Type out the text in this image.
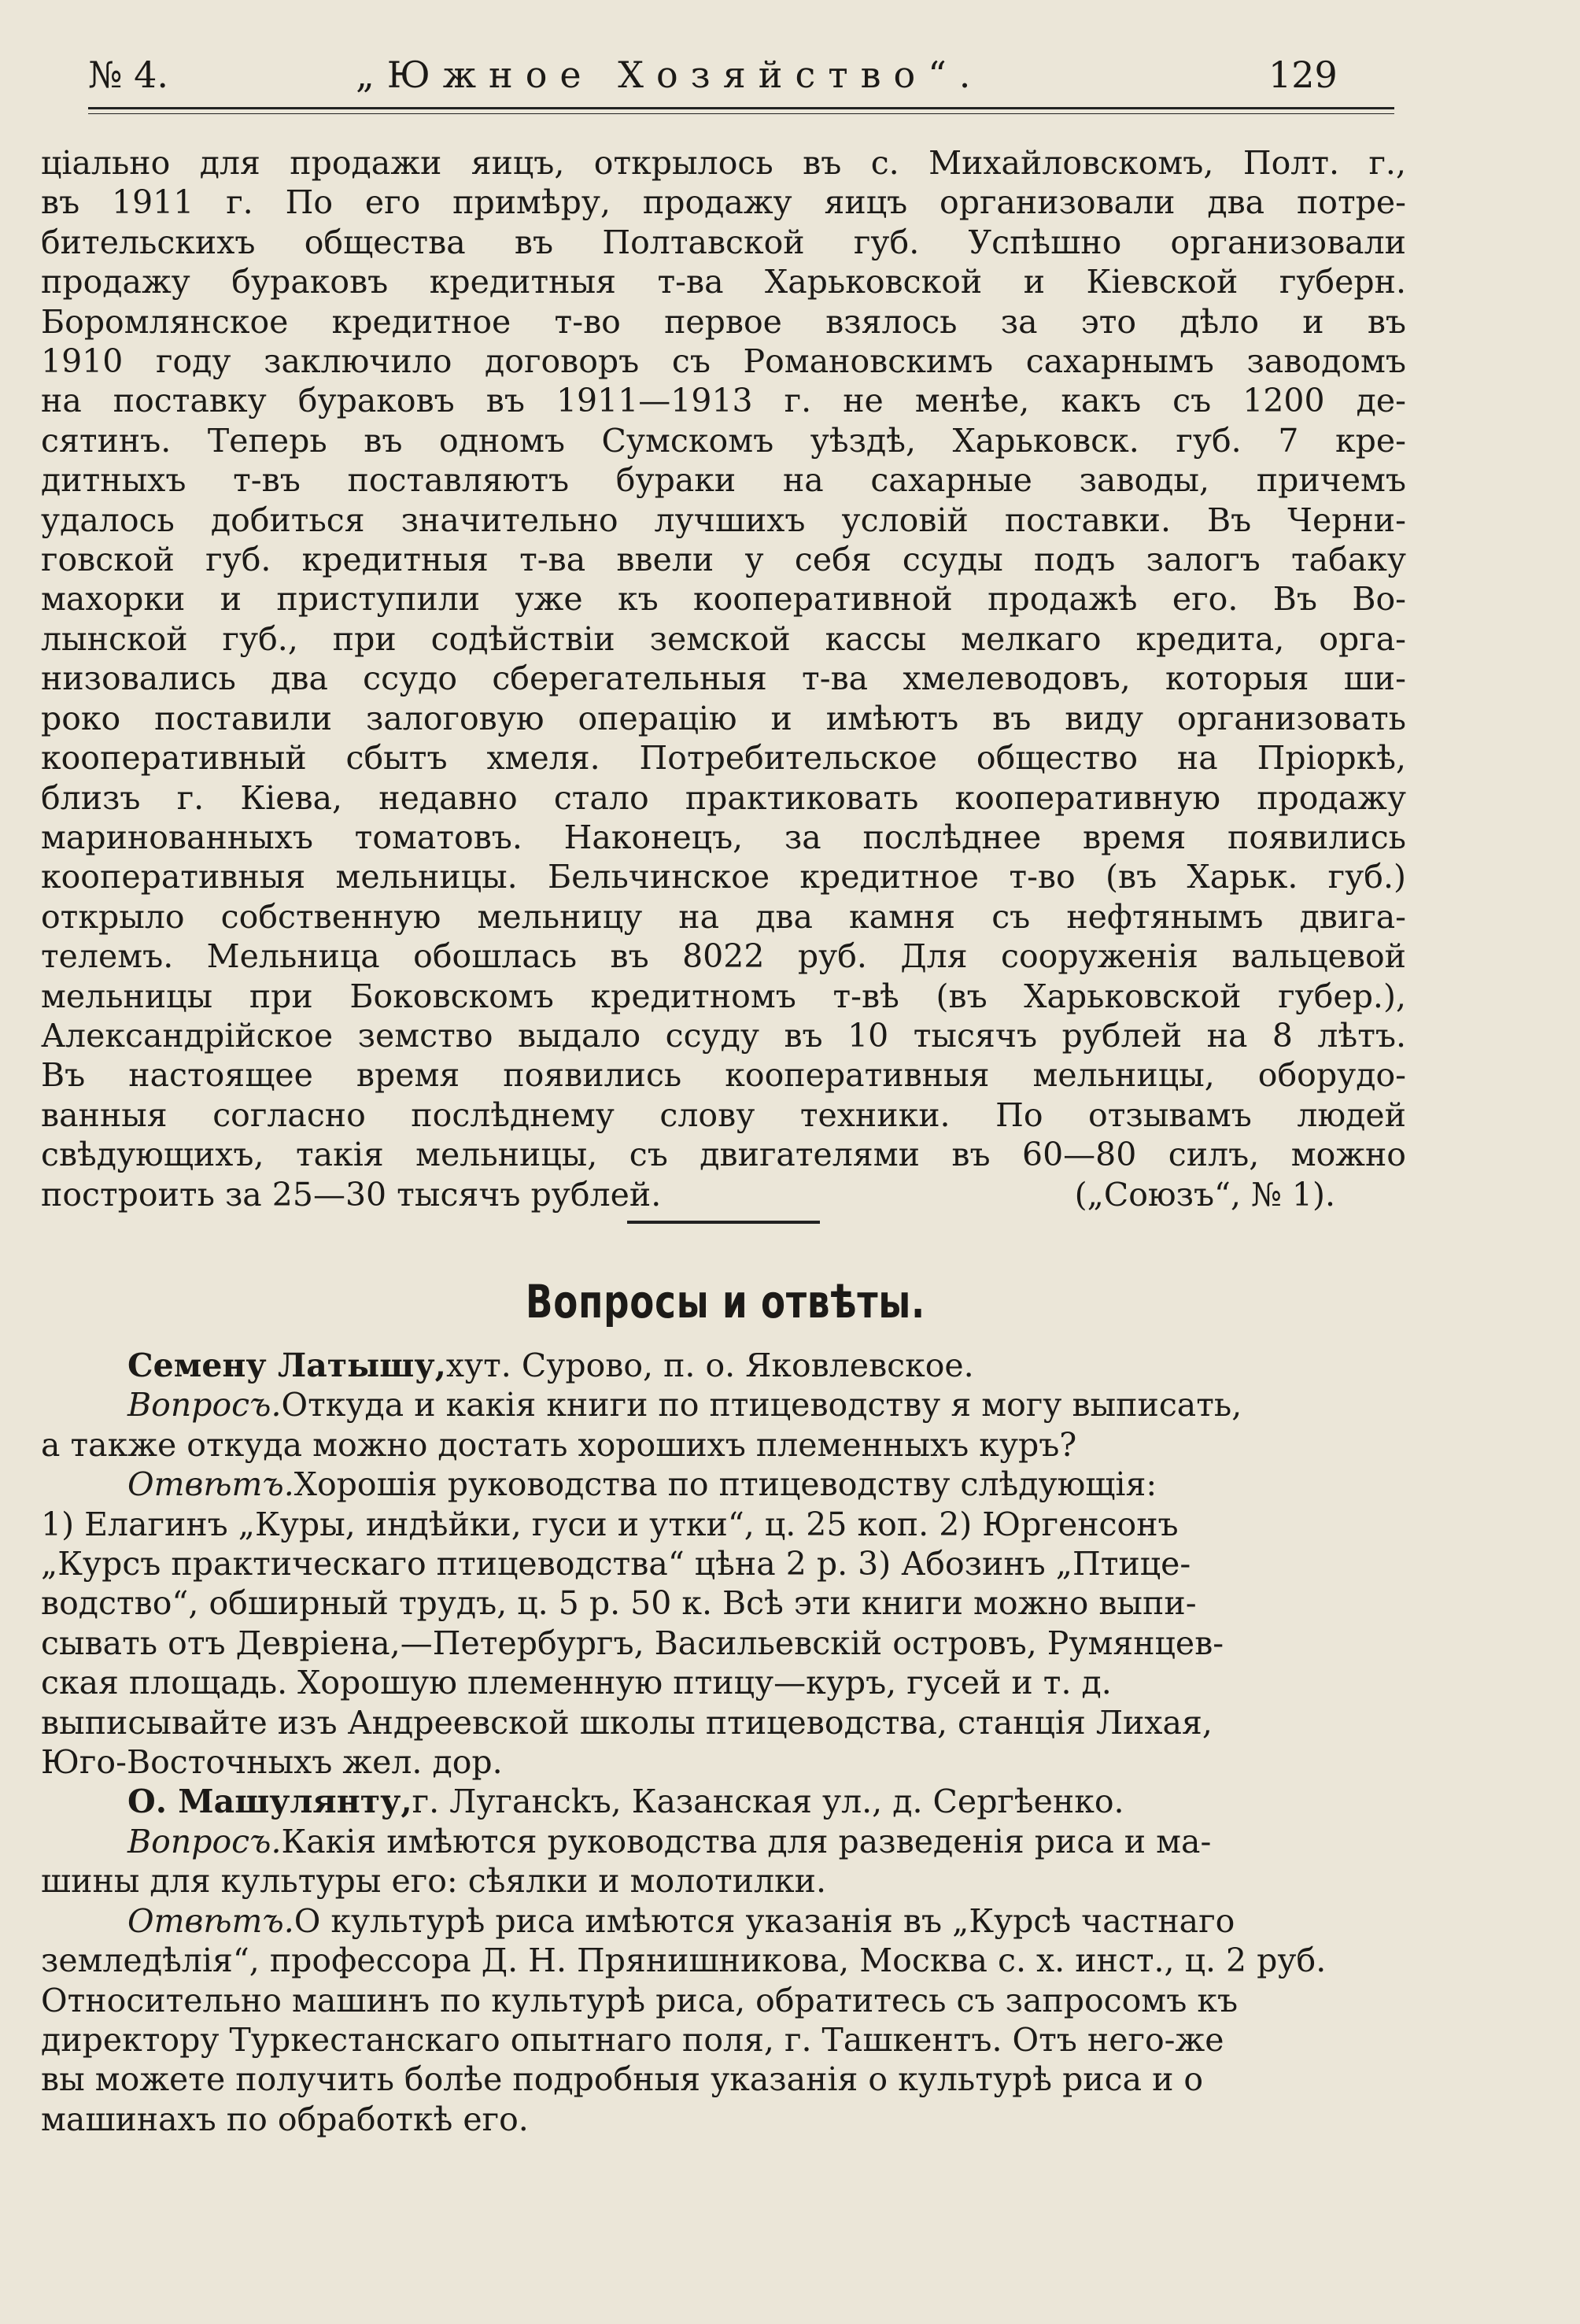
№ 4.	„Южное Хозяйство“.	129
ціально для продажи яицъ, открылось въ с. Михайловскомъ, Полт. г.,
въ 1911 г. По его примѣру, продажу яицъ организовали два потре-
бительскихъ общества въ Полтавской губ. Успѣшно организовали
продажу бураковъ кредитныя т-ва Харьковской и Кіевской губерн.
Боромлянское кредитное т-во первое взялось за это дѣло и въ
1910 году заключило договоръ съ Романовскимъ сахарнымъ заводомъ
на поставку бураковъ въ 1911—1913 г. не менѣе, какъ съ 1200 де-
сятинъ. Теперь въ одномъ Сумскомъ уѣздѣ, Харьковск. губ. 7 кре-
дитныхъ т-въ поставляютъ бураки на сахарные заводы, причемъ
удалось добиться значительно лучшихъ условій поставки. Въ Черни-
говской губ. кредитныя т-ва ввели у себя ссуды подъ залогъ табаку
махорки и приступили уже къ кооперативной продажѣ его. Въ Во-
лынской губ., при содѣйствіи земской кассы мелкаго кредита, орга-
низовались два ссудо сберегательныя т-ва хмелеводовъ, которыя ши-
роко поставили залоговую операцію и имѣютъ въ виду организовать
кооперативный сбытъ хмеля. Потребительское общество на Пріоркѣ,
близъ г. Кіева, недавно стало практиковать кооперативную продажу
маринованныхъ томатовъ. Наконецъ, за послѣднее время появились
кооперативныя мельницы. Бельчинское кредитное т-во (въ Харьк. губ.)
открыло собственную мельницу на два камня съ нефтянымъ двига-
телемъ. Мельница обошлась въ 8022 руб. Для сооруженія вальцевой
мельницы при Боковскомъ кредитномъ т-вѣ (въ Харьковской губер.),
Александрійское земство выдало ссуду въ 10 тысячъ рублей на 8 лѣтъ.
Въ настоящее время появились кооперативныя мельницы, оборудо-
ванныя согласно послѣднему слову техники. По отзывамъ людей
свѣдующихъ, такія мельницы, съ двигателями въ 60—80 силъ, можно
построить за 25—30 тысячъ рублей.	(„Союзъ“, № 1).
Вопросы и отвѣты.
Семену Латышу, хут. Сурово, п. о. Яковлевское.
Вопросъ. Откуда и какія книги по птицеводству я могу выписать,
а также откуда можно достать хорошихъ племенныхъ куръ?
Отвѣтъ. Хорошія руководства по птицеводству слѣдующія:
1) Елагинъ „Куры, индѣйки, гуси и утки“, ц. 25 коп. 2) Юргенсонъ
„Курсъ практическаго птицеводства“ цѣна 2 р. 3) Абозинъ „Птице-
водство“, обширный трудъ, ц. 5 р. 50 к. Всѣ эти книги можно выпи-
сывать отъ Девріена,—Петербургъ, Васильевскій островъ, Румянцев-
ская площадь. Хорошую племенную птицу—куръ, гусей и т. д.
выписывайте изъ Андреевской школы птицеводства, станція Лихая,
Юго-Восточныхъ жел. дор.
О. Машулянту, г. Лугансkъ, Казанская ул., д. Сергѣенко.
Вопросъ. Какія имѣются руководства для разведенія риса и ма-
шины для культуры его: сѣялки и молотилки.
Отвѣтъ. О культурѣ риса имѣются указанія въ „Курсѣ частнаго
земледѣлія“, профессора Д. Н. Прянишникова, Москва с. х. инст., ц. 2 руб.
Относительно машинъ по культурѣ риса, обратитесь съ запросомъ къ
директору Туркестанскаго опытнаго поля, г. Ташкентъ. Отъ него-же
вы можете получить болѣе подробныя указанія о культурѣ риса и о
машинахъ по обработкѣ его.
